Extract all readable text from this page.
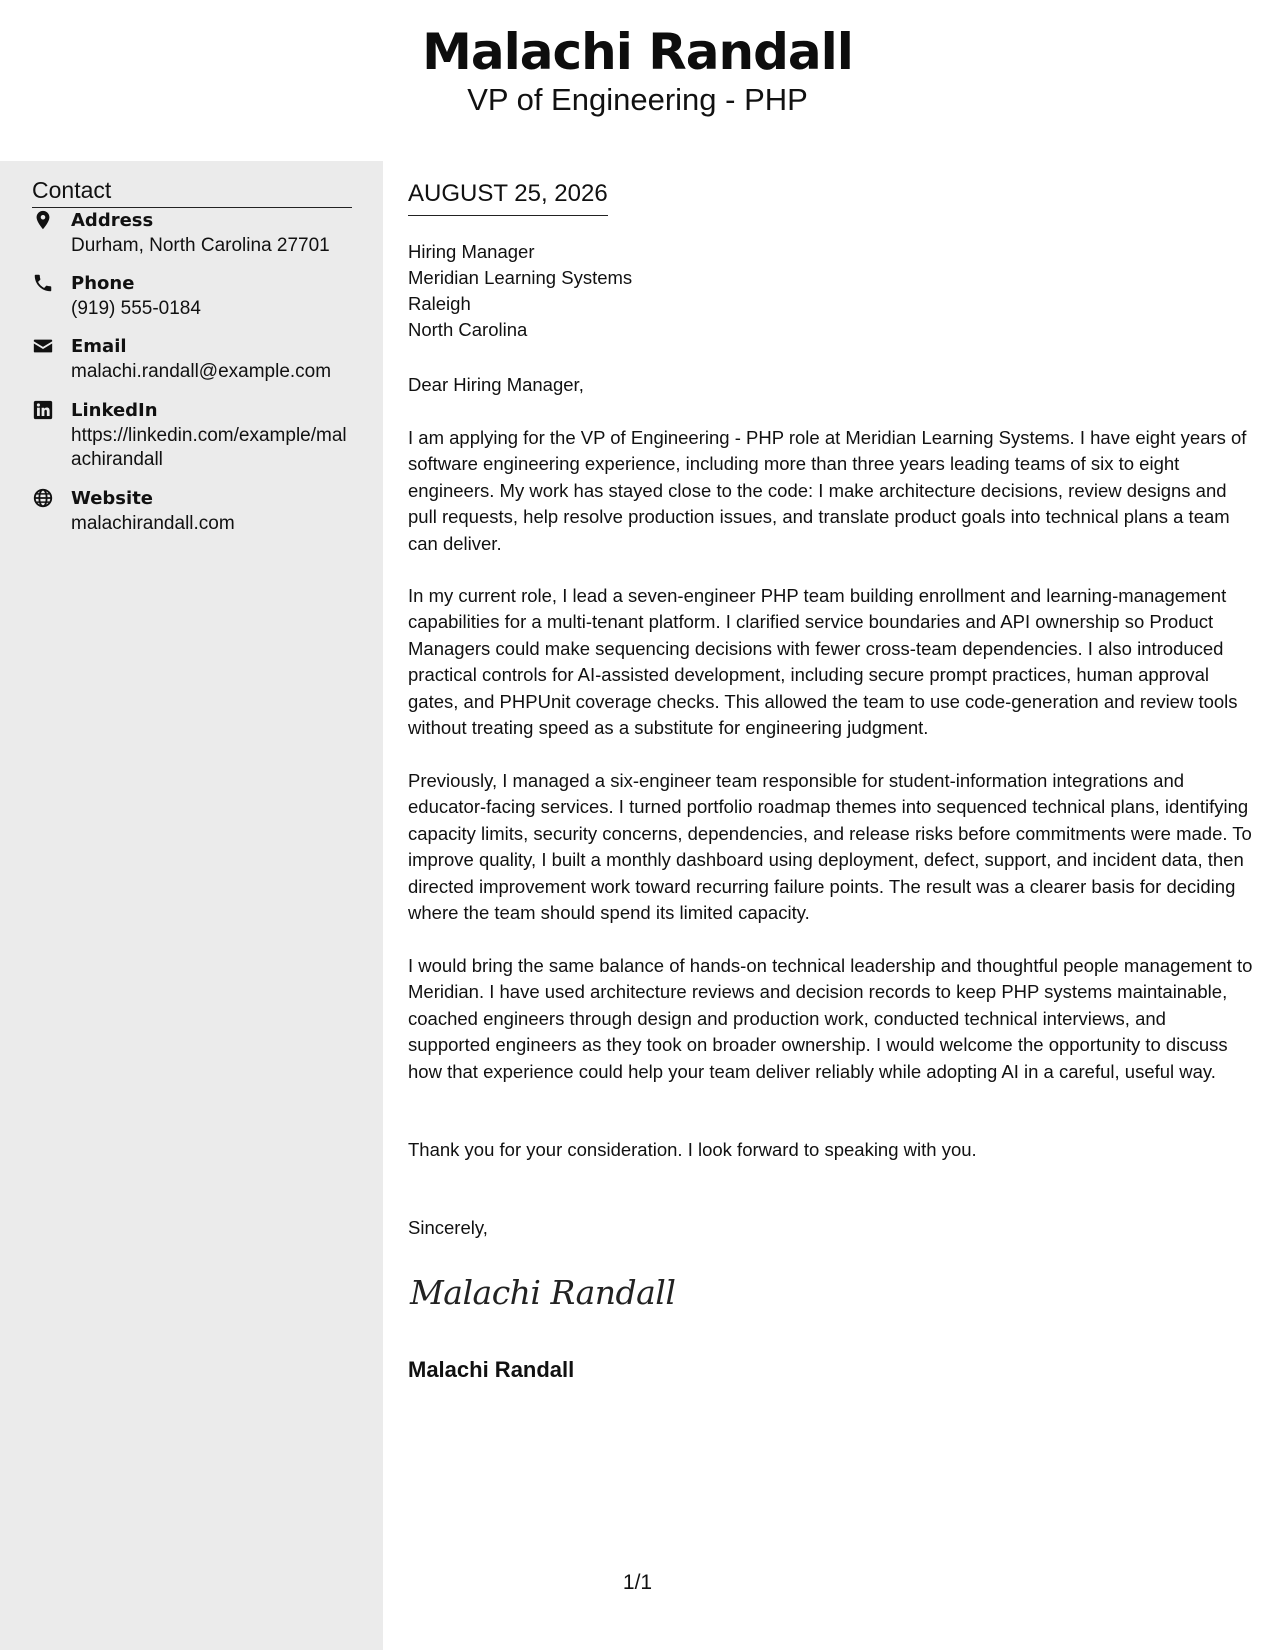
Malachi Randall
VP of Engineering - PHP
Contact
Address
Durham, North Carolina 27701
Phone
(919) 555-0184
Email
malachi.randall@example.com
LinkedIn
https://linkedin.com/example/malachirandall
Website
malachirandall.com
AUGUST 25, 2026
Hiring Manager
Meridian Learning Systems
Raleigh
North Carolina
Dear Hiring Manager,
I am applying for the VP of Engineering - PHP role at Meridian Learning Systems. I have eight years of software engineering experience, including more than three years leading teams of six to eight engineers. My work has stayed close to the code: I make architecture decisions, review designs and pull requests, help resolve production issues, and translate product goals into technical plans a team can deliver.
In my current role, I lead a seven-engineer PHP team building enrollment and learning-management capabilities for a multi-tenant platform. I clarified service boundaries and API ownership so Product Managers could make sequencing decisions with fewer cross-team dependencies. I also introduced practical controls for AI-assisted development, including secure prompt practices, human approval gates, and PHPUnit coverage checks. This allowed the team to use code-generation and review tools without treating speed as a substitute for engineering judgment.
Previously, I managed a six-engineer team responsible for student-information integrations and educator-facing services. I turned portfolio roadmap themes into sequenced technical plans, identifying capacity limits, security concerns, dependencies, and release risks before commitments were made. To improve quality, I built a monthly dashboard using deployment, defect, support, and incident data, then directed improvement work toward recurring failure points. The result was a clearer basis for deciding where the team should spend its limited capacity.
I would bring the same balance of hands-on technical leadership and thoughtful people management to Meridian. I have used architecture reviews and decision records to keep PHP systems maintainable, coached engineers through design and production work, conducted technical interviews, and supported engineers as they took on broader ownership. I would welcome the opportunity to discuss how that experience could help your team deliver reliably while adopting AI in a careful, useful way.
Thank you for your consideration. I look forward to speaking with you.
Sincerely,
Malachi Randall
Malachi Randall
1/1
